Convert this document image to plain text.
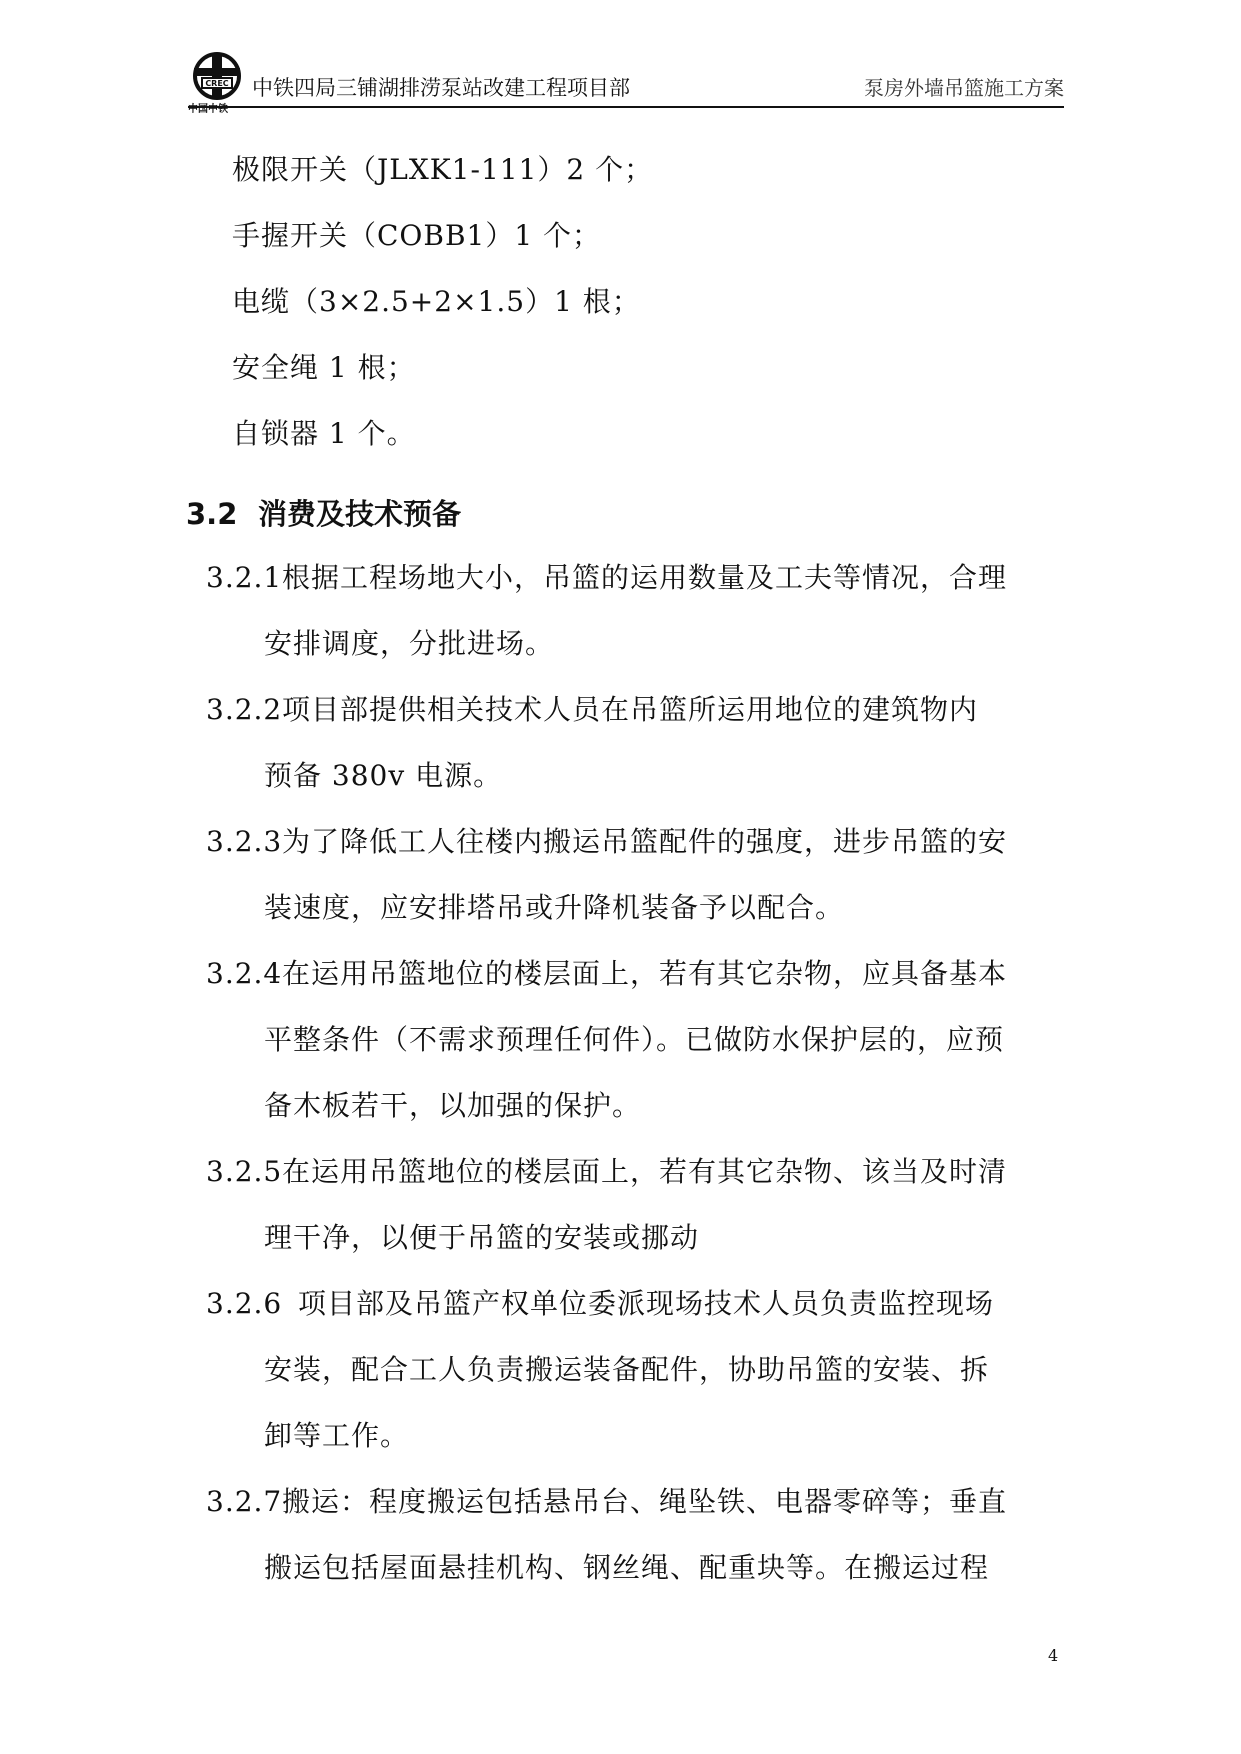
CREC
中国中铁
中铁四局三铺湖排涝泵站改建工程项目部	泵房外墙吊篮施工方案
极限开关（JLXK1-111）2 个；
手握开关（COBB1）1 个；
电缆（3×2.5+2×1.5）1 根；
安全绳 1 根；
自锁器 1 个。
3.2 消费及技术预备
3.2.1根据工程场地大小，吊篮的运用数量及工夫等情况，合理
安排调度，分批进场。
3.2.2项目部提供相关技术人员在吊篮所运用地位的建筑物内
预备 380v 电源。
3.2.3为了降低工人往楼内搬运吊篮配件的强度，进步吊篮的安
装速度，应安排塔吊或升降机装备予以配合。
3.2.4在运用吊篮地位的楼层面上，若有其它杂物，应具备基本
平整条件（不需求预理任何件）。已做防水保护层的，应预
备木板若干，以加强的保护。
3.2.5在运用吊篮地位的楼层面上，若有其它杂物、该当及时清
理干净，以便于吊篮的安装或挪动
3.2.6 项目部及吊篮产权单位委派现场技术人员负责监控现场
安装，配合工人负责搬运装备配件，协助吊篮的安装、拆
卸等工作。
3.2.7搬运：程度搬运包括悬吊台、绳坠铁、电器零碎等；垂直
搬运包括屋面悬挂机构、钢丝绳、配重块等。在搬运过程
4
